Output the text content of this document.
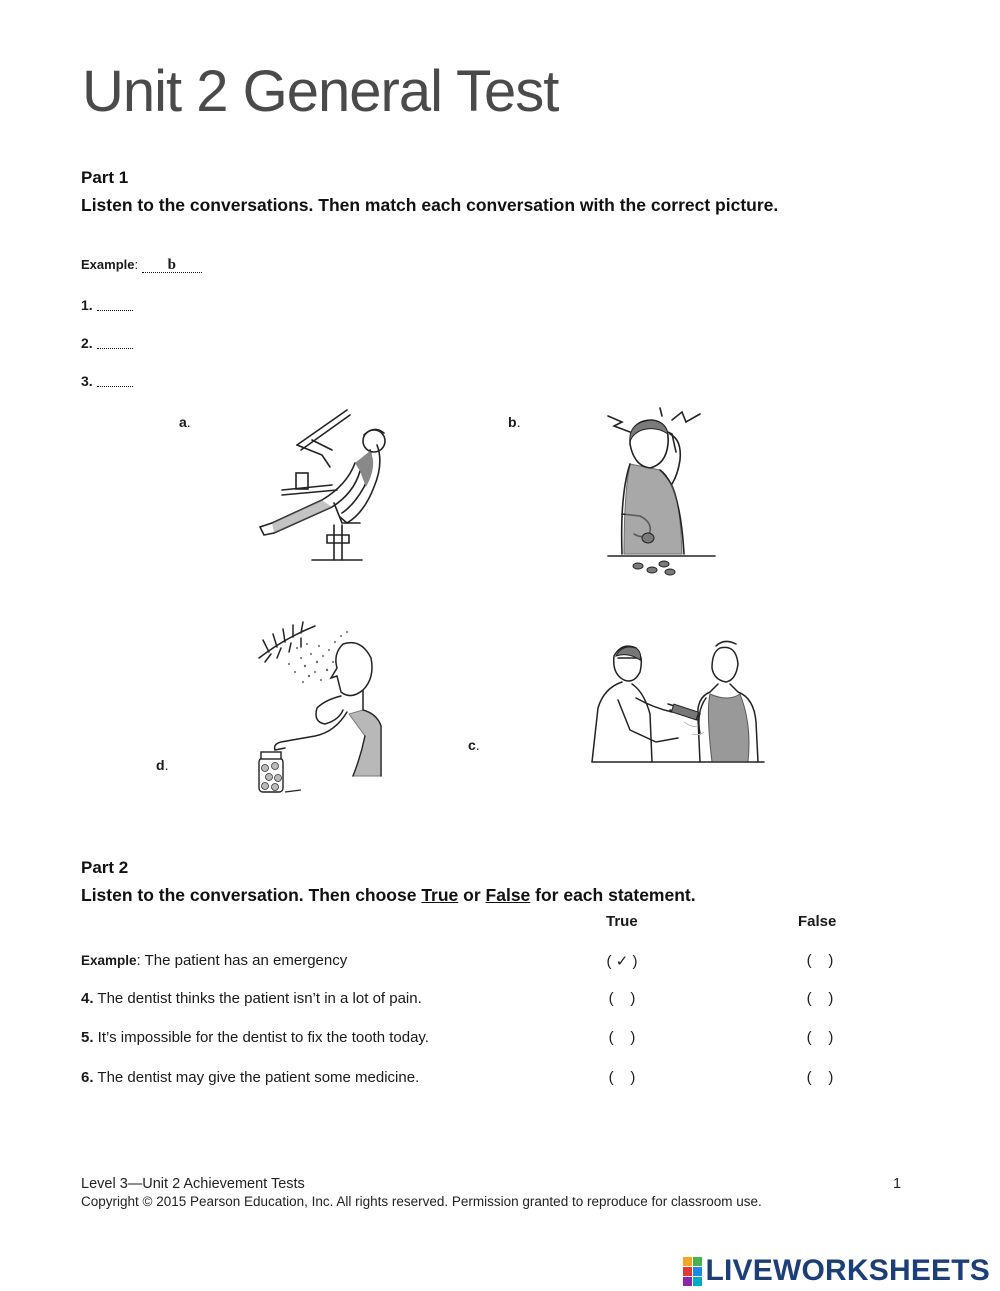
Unit 2 General Test
Part 1
Listen to the conversations. Then match each conversation with the correct picture.
Example: b
1.
2.
3.
a.	b.
c.
d.
Part 2
Listen to the conversation. Then choose True or False for each statement.
True	False
Example: The patient has an emergency	( ✓ )	(    )
4. The dentist thinks the patient isn’t in a lot of pain.	(    )	(    )
5. It’s impossible for the dentist to fix the tooth today.	(    )	(    )
6. The dentist may give the patient some medicine.	(    )	(    )
Level 3—Unit 2 Achievement Tests	1
Copyright © 2015 Pearson Education, Inc. All rights reserved. Permission granted to reproduce for classroom use.
LIVEWORKSHEETS
